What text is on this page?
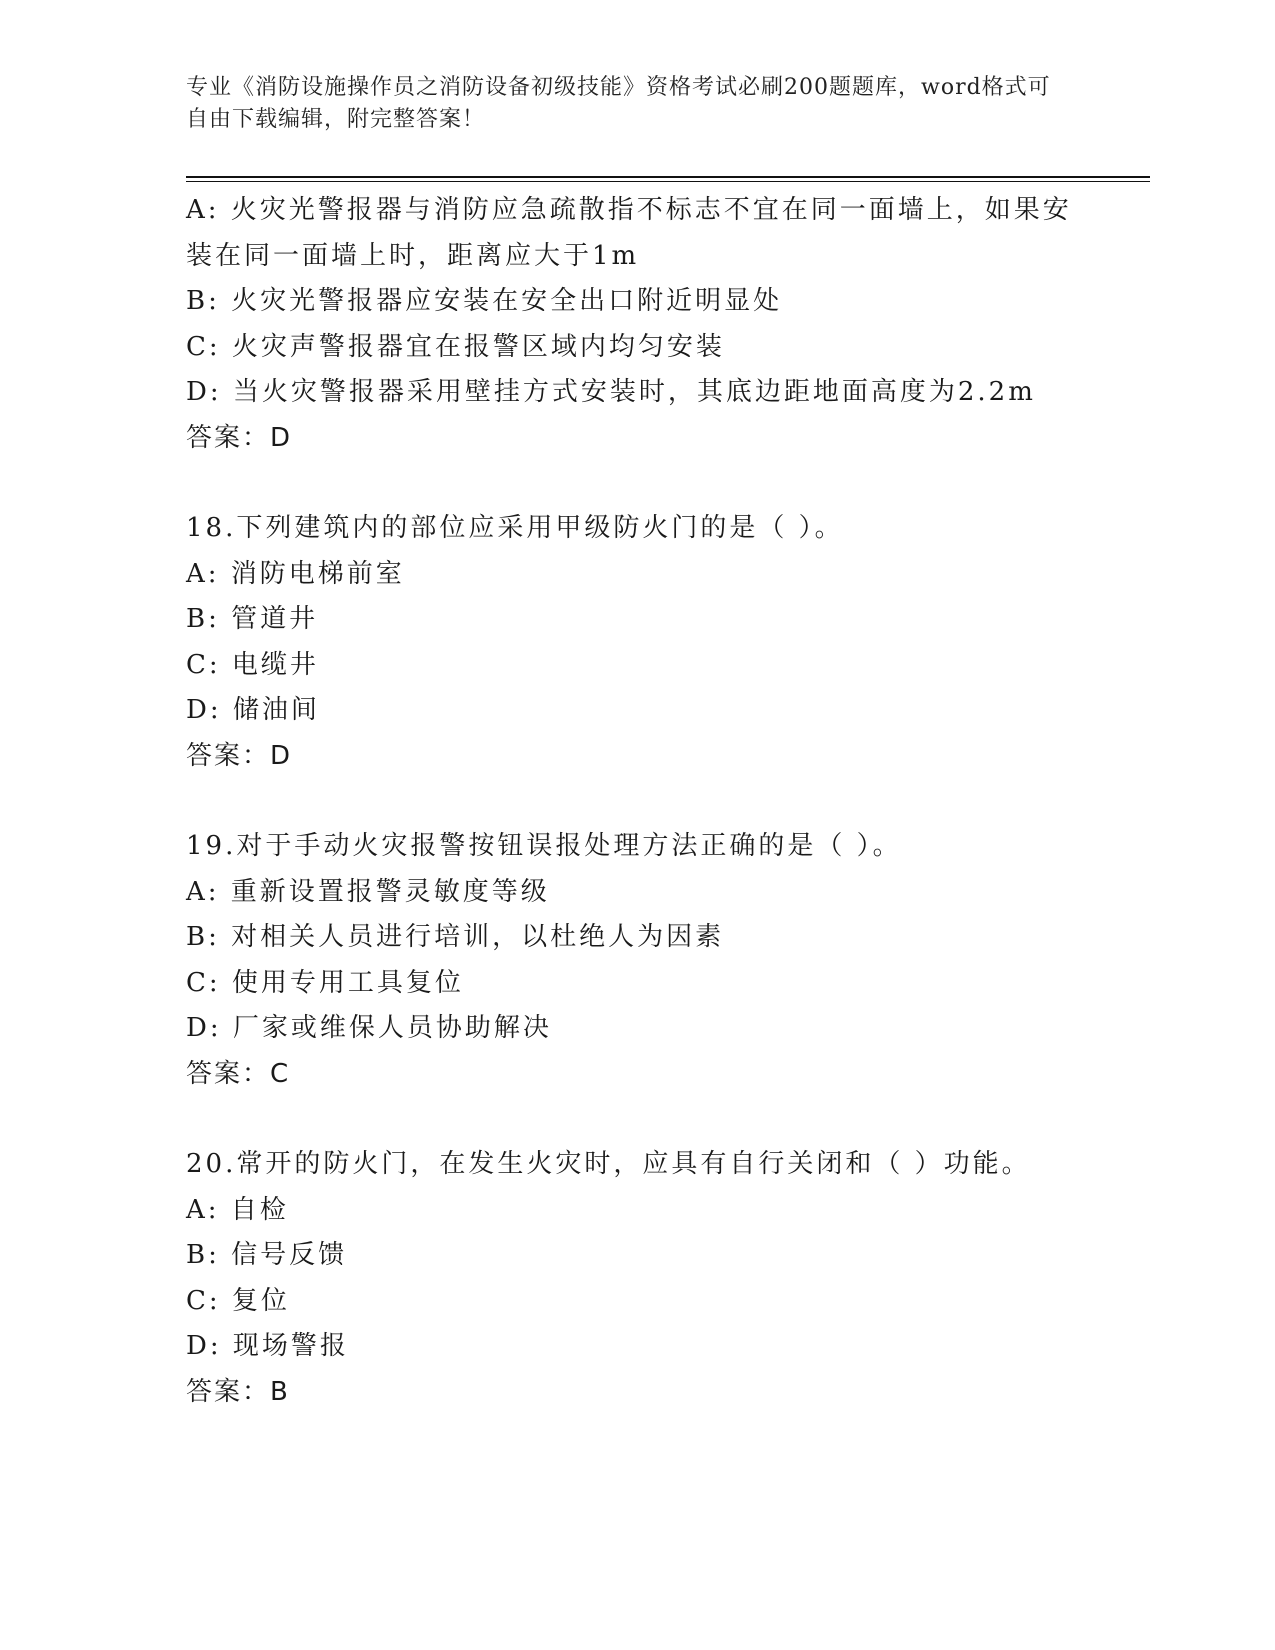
专业《消防设施操作员之消防设备初级技能》资格考试必刷200题题库，word格式可自由下载编辑，附完整答案！
A: 火灾光警报器与消防应急疏散指不标志不宜在同一面墙上，如果安
装在同一面墙上时，距离应大于1m
B: 火灾光警报器应安装在安全出口附近明显处
C: 火灾声警报器宜在报警区域内均匀安装
D: 当火灾警报器采用壁挂方式安装时，其底边距地面高度为2.2m
答案：D
18.下列建筑内的部位应采用甲级防火门的是（ ）。
A: 消防电梯前室
B: 管道井
C: 电缆井
D: 储油间
答案：D
19.对于手动火灾报警按钮误报处理方法正确的是（ ）。
A: 重新设置报警灵敏度等级
B: 对相关人员进行培训，以杜绝人为因素
C: 使用专用工具复位
D: 厂家或维保人员协助解决
答案：C
20.常开的防火门，在发生火灾时，应具有自行关闭和（ ）功能。
A: 自检
B: 信号反馈
C: 复位
D: 现场警报
答案：B
